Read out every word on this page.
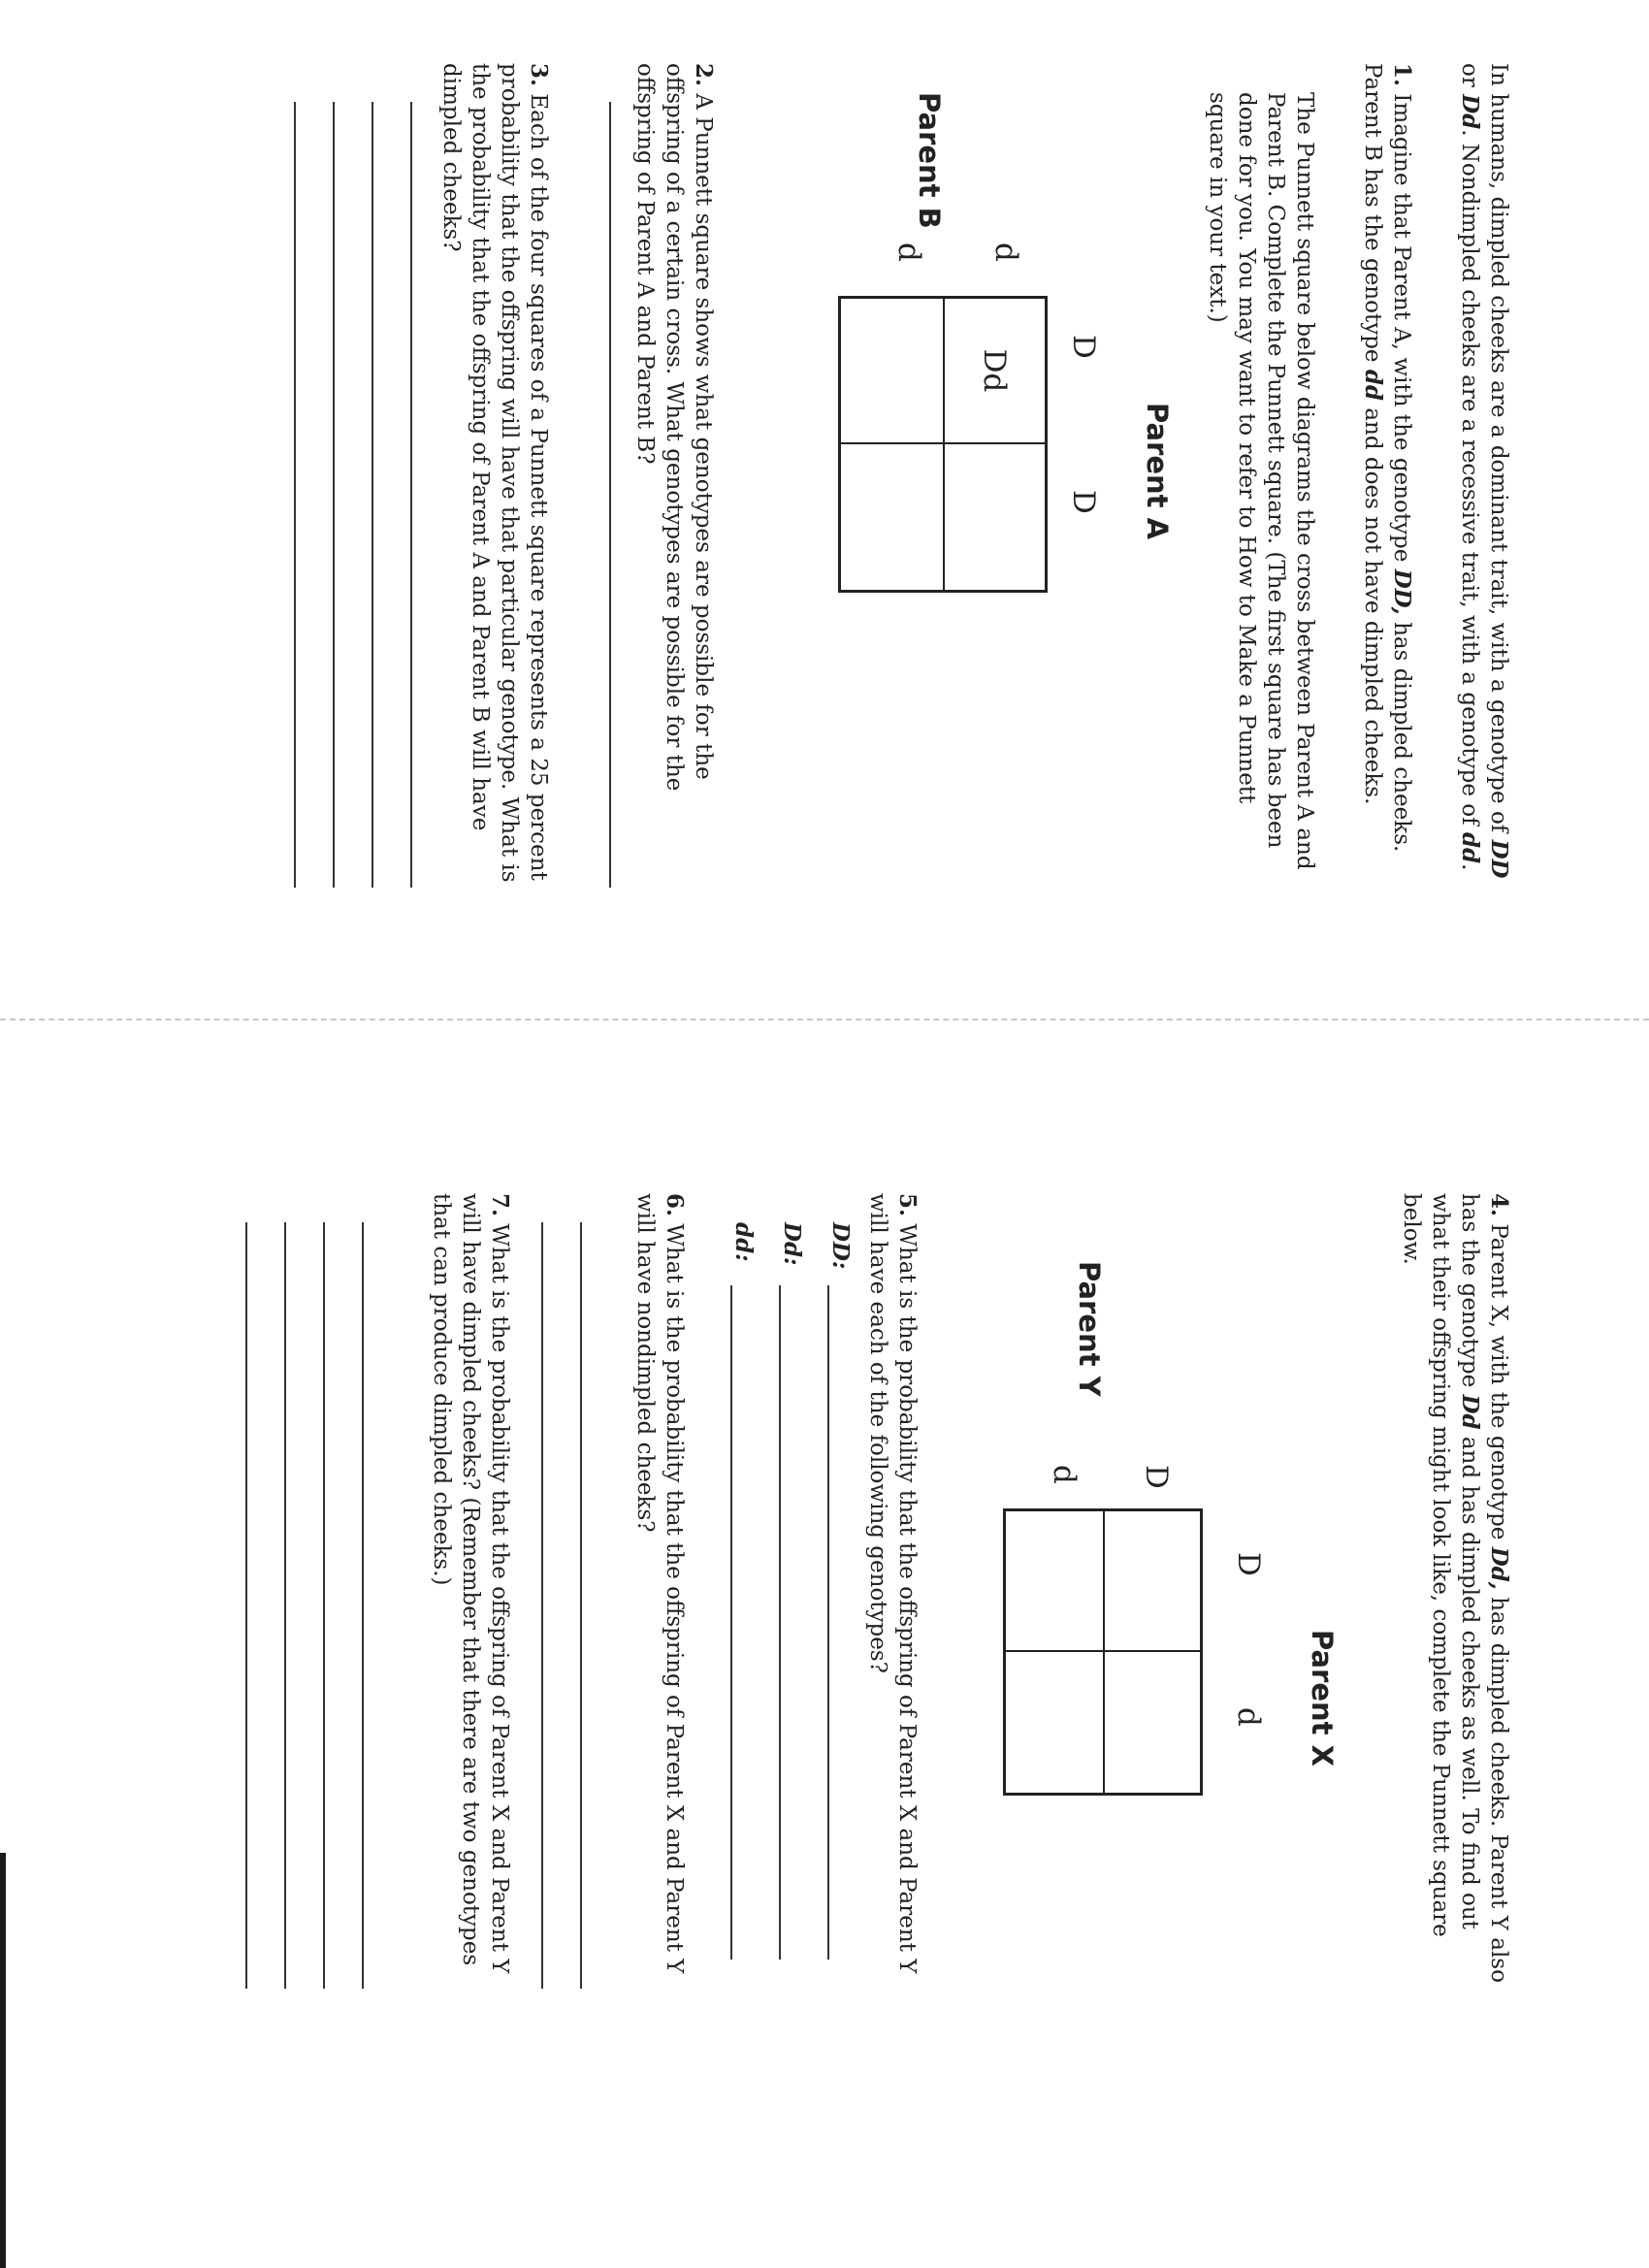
In humans, dimpled cheeks are a dominant trait, with a genotype of DD or Dd. Nondimpled cheeks are a recessive trait, with a genotype of dd.

1. Imagine that Parent A, with the genotype DD, has dimpled cheeks. Parent B has the genotype dd and does not have dimpled cheeks.

The Punnett square below diagrams the cross between Parent A and Parent B. Complete the Punnett square. (The first square has been done for you. You may want to refer to How to Make a Punnett square in your text.)

Parent A

D

D

Parent B

d

d

Dd

2. A Punnett square shows what genotypes are possible for the offspring of a certain cross. What genotypes are possible for the offspring of Parent A and Parent B?

3. Each of the four squares of a Punnett square represents a 25 percent probability that the offspring will have that particular genotype. What is the probability that the offspring of Parent A and Parent B will have dimpled cheeks?

4. Parent X, with the genotype Dd, has dimpled cheeks. Parent Y also has the genotype Dd and has dimpled cheeks as well. To find out what their offspring might look like, complete the Punnett square below.

Parent X

D

d

Parent Y

D

d

5. What is the probability that the offspring of Parent X and Parent Y will have each of the following genotypes?

DD:

Dd:

dd:

6. What is the probability that the offspring of Parent X and Parent Y will have nondimpled cheeks?

7. What is the probability that the offspring of Parent X and Parent Y will have dimpled cheeks? (Remember that there are two genotypes that can produce dimpled cheeks.)
